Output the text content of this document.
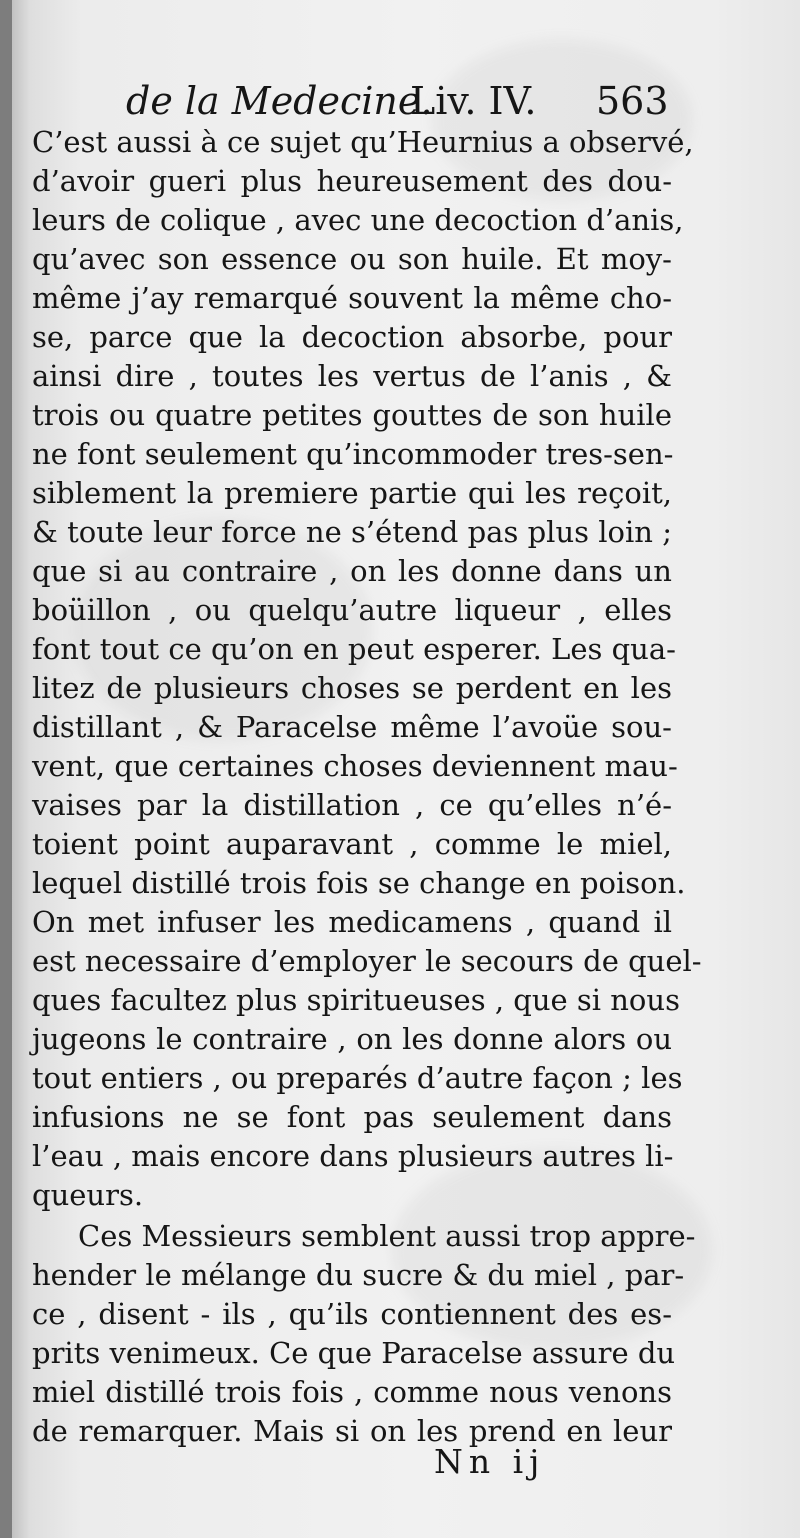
de la Medecine.
Liv. IV. 563
C’est aussi à ce sujet qu’Heurnius a observé,
d’avoir gueri plus heureusement des dou-
leurs de colique , avec une decoction d’anis,
qu’avec son essence ou son huile. Et moy-
même j’ay remarqué souvent la même cho-
se, parce que la decoction absorbe, pour
ainsi dire , toutes les vertus de l’anis , &
trois ou quatre petites gouttes de son huile
ne font seulement qu’incommoder tres-sen-
siblement la premiere partie qui les reçoit,
& toute leur force ne s’étend pas plus loin ;
que si au contraire , on les donne dans un
boüillon , ou quelqu’autre liqueur , elles
font tout ce qu’on en peut esperer. Les qua-
litez de plusieurs choses se perdent en les
distillant , & Paracelse même l’avoüe sou-
vent, que certaines choses deviennent mau-
vaises par la distillation , ce qu’elles n’é-
toient point auparavant , comme le miel,
lequel distillé trois fois se change en poison.
On met infuser les medicamens , quand il
est necessaire d’employer le secours de quel-
ques facultez plus spiritueuses , que si nous
jugeons le contraire , on les donne alors ou
tout entiers , ou preparés d’autre façon ; les
infusions ne se font pas seulement dans
l’eau , mais encore dans plusieurs autres li-
queurs.
Ces Messieurs semblent aussi trop appre-
hender le mélange du sucre & du miel , par-
ce , disent - ils , qu’ils contiennent des es-
prits venimeux. Ce que Paracelse assure du
miel distillé trois fois , comme nous venons
de remarquer. Mais si on les prend en leur
Nn ij
